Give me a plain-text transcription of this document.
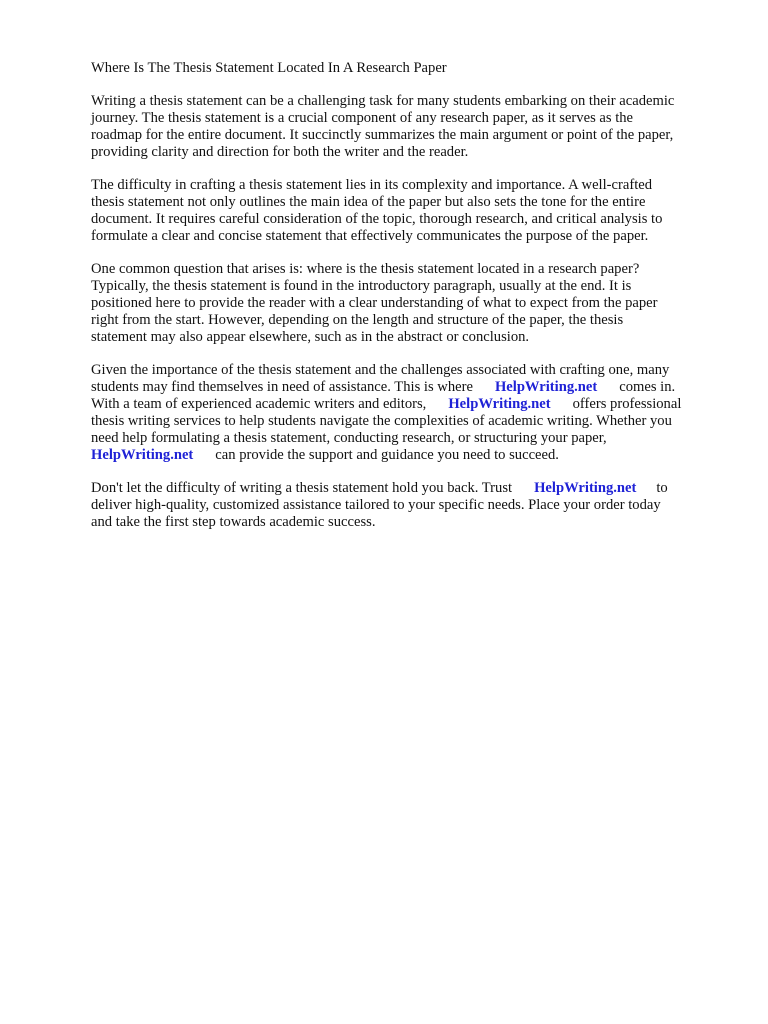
Where Is The Thesis Statement Located In A Research Paper
Writing a thesis statement can be a challenging task for many students embarking on their academic
journey. The thesis statement is a crucial component of any research paper, as it serves as the
roadmap for the entire document. It succinctly summarizes the main argument or point of the paper,
providing clarity and direction for both the writer and the reader.
The difficulty in crafting a thesis statement lies in its complexity and importance. A well-crafted
thesis statement not only outlines the main idea of the paper but also sets the tone for the entire
document. It requires careful consideration of the topic, thorough research, and critical analysis to
formulate a clear and concise statement that effectively communicates the purpose of the paper.
One common question that arises is: where is the thesis statement located in a research paper?
Typically, the thesis statement is found in the introductory paragraph, usually at the end. It is
positioned here to provide the reader with a clear understanding of what to expect from the paper
right from the start. However, depending on the length and structure of the paper, the thesis
statement may also appear elsewhere, such as in the abstract or conclusion.
Given the importance of the thesis statement and the challenges associated with crafting one, many
students may find themselves in need of assistance. This is where HelpWriting.net comes in.
With a team of experienced academic writers and editors, HelpWriting.net offers professional
thesis writing services to help students navigate the complexities of academic writing. Whether you
need help formulating a thesis statement, conducting research, or structuring your paper,
HelpWriting.net can provide the support and guidance you need to succeed.
Don't let the difficulty of writing a thesis statement hold you back. Trust HelpWriting.net to
deliver high-quality, customized assistance tailored to your specific needs. Place your order today
and take the first step towards academic success.
